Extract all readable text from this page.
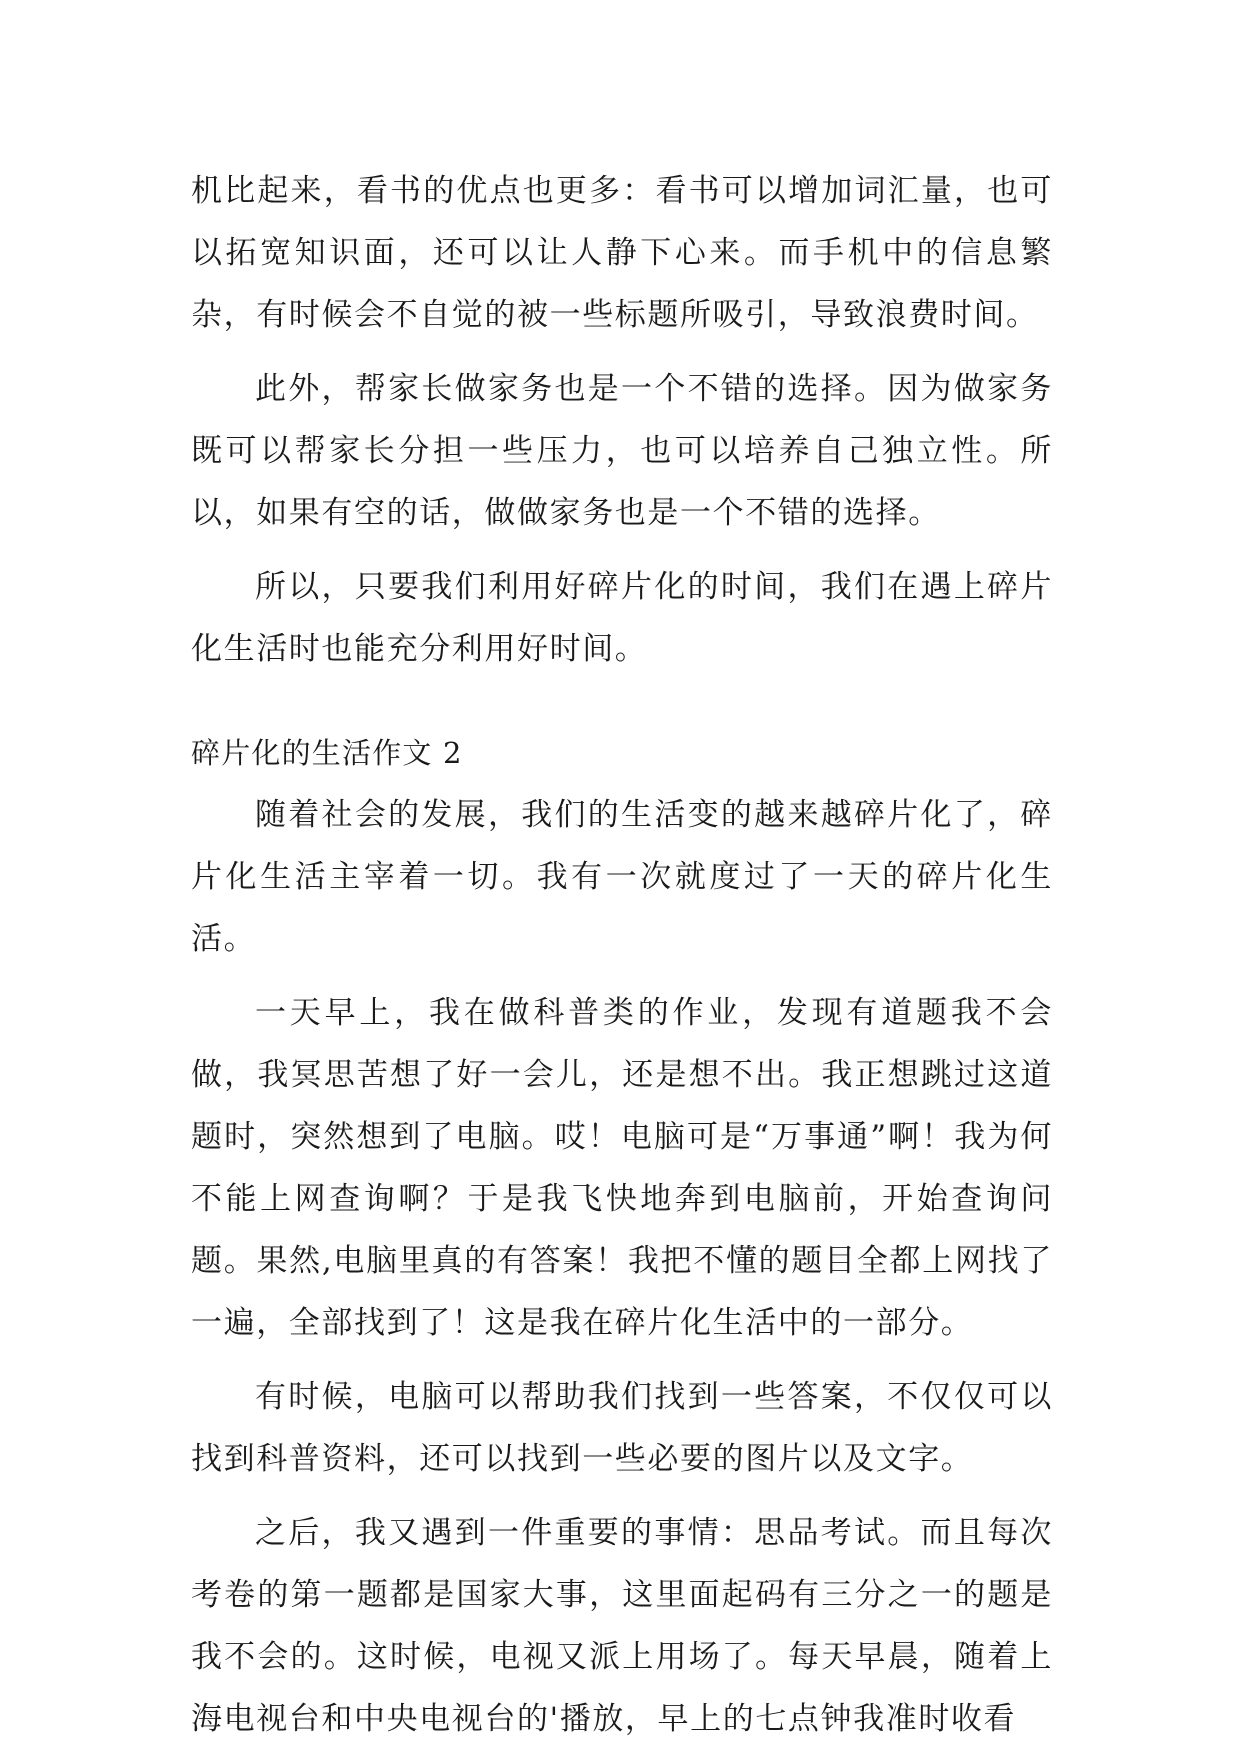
机比起来，看书的优点也更多：看书可以增加词汇量，也可以拓宽知识面，还可以让人静下心来。而手机中的信息繁杂，有时候会不自觉的被一些标题所吸引，导致浪费时间。

此外，帮家长做家务也是一个不错的选择。因为做家务既可以帮家长分担一些压力，也可以培养自己独立性。所以，如果有空的话，做做家务也是一个不错的选择。

所以，只要我们利用好碎片化的时间，我们在遇上碎片化生活时也能充分利用好时间。

碎片化的生活作文 2

随着社会的发展，我们的生活变的越来越碎片化了，碎片化生活主宰着一切。我有一次就度过了一天的碎片化生活。

一天早上，我在做科普类的作业，发现有道题我不会做，我冥思苦想了好一会儿，还是想不出。我正想跳过这道题时，突然想到了电脑。哎！电脑可是“万事通”啊！我为何不能上网查询啊？于是我飞快地奔到电脑前，开始查询问题。果然,电脑里真的有答案！我把不懂的题目全都上网找了一遍，全部找到了！这是我在碎片化生活中的一部分。

有时候，电脑可以帮助我们找到一些答案，不仅仅可以找到科普资料，还可以找到一些必要的图片以及文字。

之后，我又遇到一件重要的事情：思品考试。而且每次考卷的第一题都是国家大事，这里面起码有三分之一的题是我不会的。这时候，电视又派上用场了。每天早晨，随着上海电视台和中央电视台的'播放，早上的七点钟我准时收看
